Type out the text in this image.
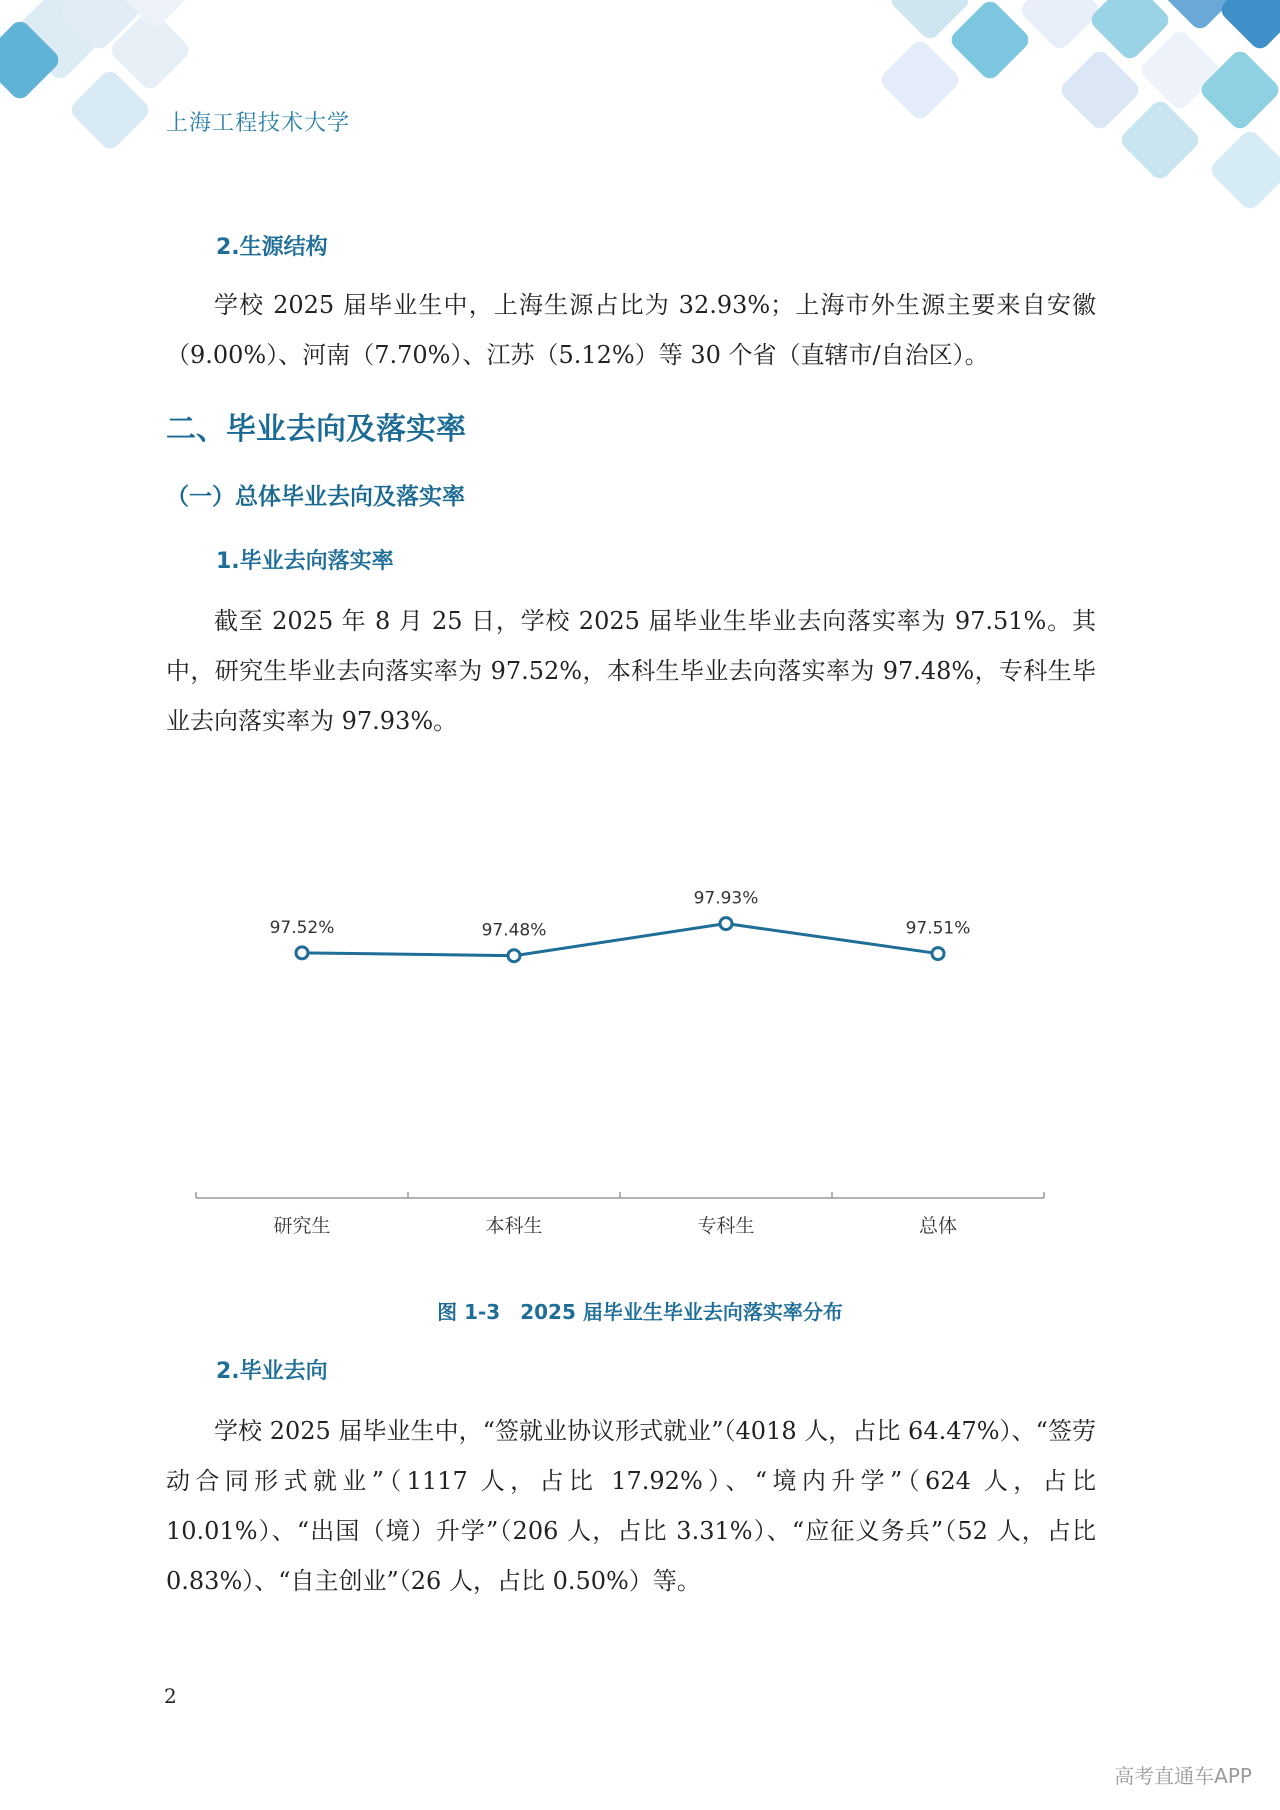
上海工程技术大学
2.生源结构

学校 2025 届毕业生中，上海生源占比为 32.93%；上海市外生源主要来自安徽（9.00%）、河南（7.70%）、江苏（5.12%）等 30 个省（直辖市/自治区）。

二、毕业去向及落实率
（一）总体毕业去向及落实率
1.毕业去向落实率

截至 2025 年 8 月 25 日，学校 2025 届毕业生毕业去向落实率为 97.51%。其中，研究生毕业去向落实率为 97.52%，本科生毕业去向落实率为 97.48%，专科生毕业去向落实率为 97.93%。

97.52%	97.48%
97.93%
97.51%
研究生	本科生	专科生	总体
图 1-3　2025 届毕业生毕业去向落实率分布
2.毕业去向

学校 2025 届毕业生中，“签就业协议形式就业”（4018 人，占比 64.47%）、“签劳动合同形式就业”（1117 人，占比 17.92%）、“境内升学”（624 人，占比 10.01%）、“出国（境）升学”（206 人，占比 3.31%）、“应征义务兵”（52 人，占比 0.83%）、“自主创业”（26 人，占比 0.50%）等。

2
高考直通车APP
